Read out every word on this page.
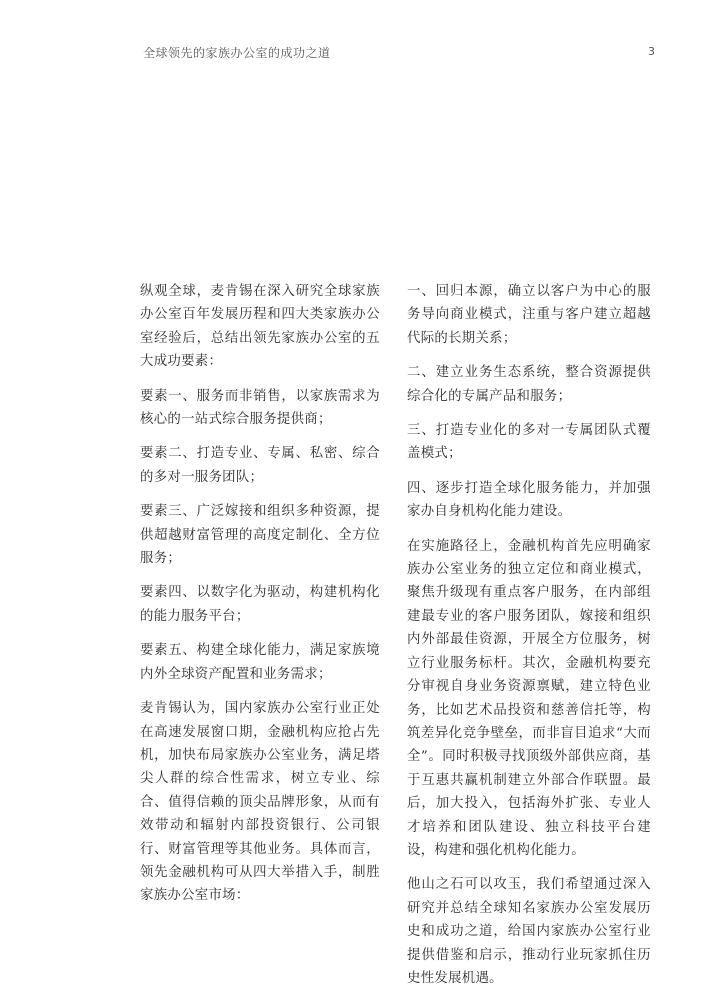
全球领先的家族办公室的成功之道	3

纵观全球，麦肯锡在深入研究全球家族办公室百年发展历程和四大类家族办公室经验后，总结出领先家族办公室的五大成功要素：

要素一、服务而非销售，以家族需求为核心的一站式综合服务提供商；

要素二、打造专业、专属、私密、综合的多对一服务团队；

要素三、广泛嫁接和组织多种资源，提供超越财富管理的高度定制化、全方位服务；

要素四、以数字化为驱动，构建机构化的能力服务平台；

要素五、构建全球化能力，满足家族境内外全球资产配置和业务需求；

麦肯锡认为，国内家族办公室行业正处在高速发展窗口期，金融机构应抢占先机，加快布局家族办公室业务，满足塔尖人群的综合性需求，树立专业、综合、值得信赖的顶尖品牌形象，从而有效带动和辐射内部投资银行、公司银行、财富管理等其他业务。具体而言，领先金融机构可从四大举措入手，制胜家族办公室市场：

一、回归本源，确立以客户为中心的服务导向商业模式，注重与客户建立超越代际的长期关系；

二、建立业务生态系统，整合资源提供综合化的专属产品和服务；

三、打造专业化的多对一专属团队式覆盖模式；

四、逐步打造全球化服务能力，并加强家办自身机构化能力建设。

在实施路径上，金融机构首先应明确家族办公室业务的独立定位和商业模式，聚焦升级现有重点客户服务，在内部组建最专业的客户服务团队，嫁接和组织内外部最佳资源，开展全方位服务，树立行业服务标杆。其次，金融机构要充分审视自身业务资源禀赋，建立特色业务，比如艺术品投资和慈善信托等，构筑差异化竞争壁垒，而非盲目追求“大而全”。同时积极寻找顶级外部供应商，基于互惠共赢机制建立外部合作联盟。最后，加大投入，包括海外扩张、专业人才培养和团队建设、独立科技平台建设，构建和强化机构化能力。

他山之石可以攻玉，我们希望通过深入研究并总结全球知名家族办公室发展历史和成功之道，给国内家族办公室行业提供借鉴和启示，推动行业玩家抓住历史性发展机遇。
